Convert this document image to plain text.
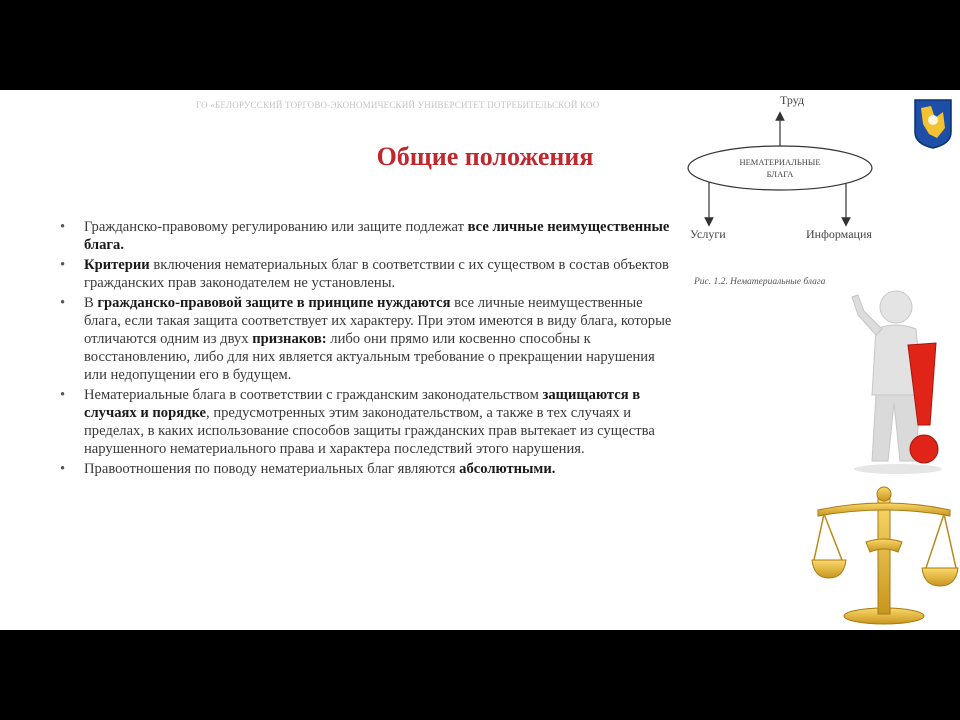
ГО «БЕЛОРУССКИЙ ТОРГОВО-ЭКОНОМИЧЕСКИЙ УНИВЕРСИТЕТ ПОТРЕБИТЕЛЬСКОЙ КОО
Общие положения
• Гражданско-правовому регулированию или защите подлежат все личные неимущественные блага.
• Критерии включения нематериальных благ в соответствии с их существом в состав объектов гражданских прав законодателем не установлены.
• В гражданско-правовой защите в принципе нуждаются все личные неимущественные блага, если такая защита соответствует их характеру. При этом имеются в виду блага, которые отличаются одним из двух признаков: либо они прямо или косвенно способны к восстановлению, либо для них является актуальным требование о прекращении нарушения или недопущении его в будущем.
• Нематериальные блага в соответствии с гражданским законодательством защищаются в случаях и порядке, предусмотренных этим законодательством, а также в тех случаях и пределах, в каких использование способов защиты гражданских прав вытекает из существа нарушенного нематериального права и характера последствий этого нарушения.
• Правоотношения по поводу нематериальных благ являются абсолютными.
Труд
НЕМАТЕРИАЛЬНЫЕ
БЛАГА
Услуги	Информация
Рис. 1.2. Нематериальные блага
